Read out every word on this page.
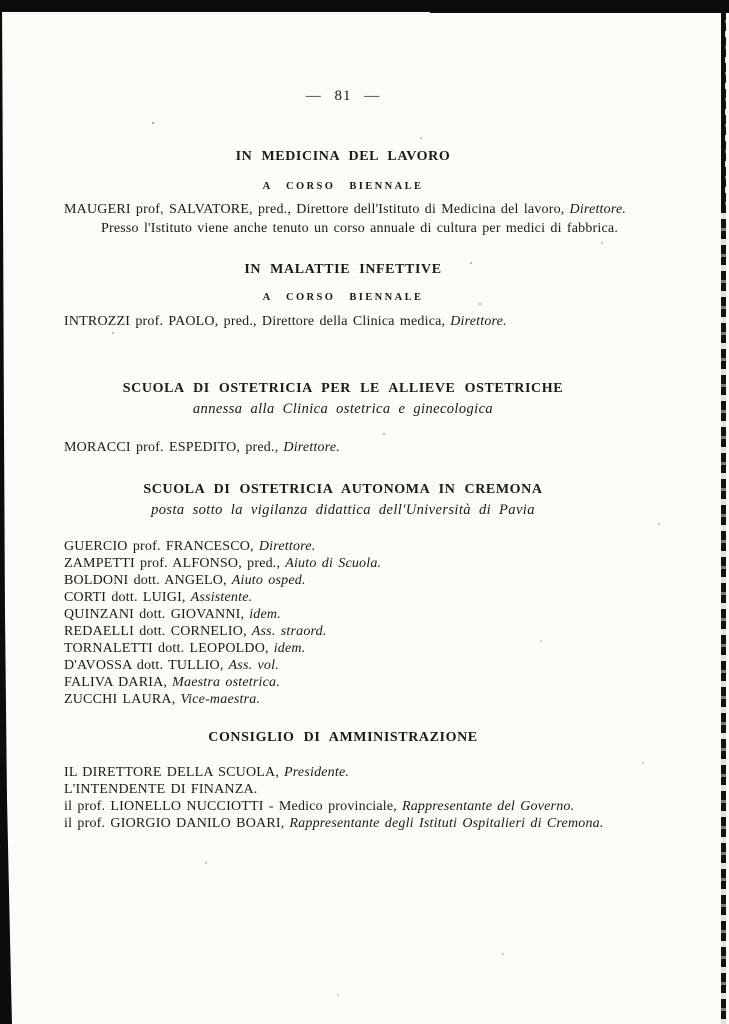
— 81 —

IN MEDICINA DEL LAVORO

A CORSO BIENNALE

MAUGERI prof. SALVATORE, pred., Direttore dell'Istituto di Medicina del lavoro, Direttore.

Presso l'Istituto viene anche tenuto un corso annuale di cultura per medici di fabbrica.

IN MALATTIE INFETTIVE

A CORSO BIENNALE

INTROZZI prof. PAOLO, pred., Direttore della Clinica medica, Direttore.

SCUOLA DI OSTETRICIA PER LE ALLIEVE OSTETRICHE

annessa alla Clinica ostetrica e ginecologica

MORACCI prof. ESPEDITO, pred., Direttore.

SCUOLA DI OSTETRICIA AUTONOMA IN CREMONA

posta sotto la vigilanza didattica dell'Università di Pavia

GUERCIO prof. FRANCESCO, Direttore.

ZAMPETTI prof. ALFONSO, pred., Aiuto di Scuola.

BOLDONI dott. ANGELO, Aiuto osped.

CORTI dott. LUIGI, Assistente.

QUINZANI dott. GIOVANNI, idem.

REDAELLI dott. CORNELIO, Ass. straord.

TORNALETTI dott. LEOPOLDO, idem.

D'AVOSSA dott. TULLIO, Ass. vol.

FALIVA DARIA, Maestra ostetrica.

ZUCCHI LAURA, Vice-maestra.

CONSIGLIO DI AMMINISTRAZIONE

IL DIRETTORE DELLA SCUOLA, Presidente.

L'INTENDENTE DI FINANZA.

il prof. LIONELLO NUCCIOTTI - Medico provinciale, Rappresentante del Governo.

il prof. GIORGIO DANILO BOARI, Rappresentante degli Istituti Ospitalieri di Cremona.
